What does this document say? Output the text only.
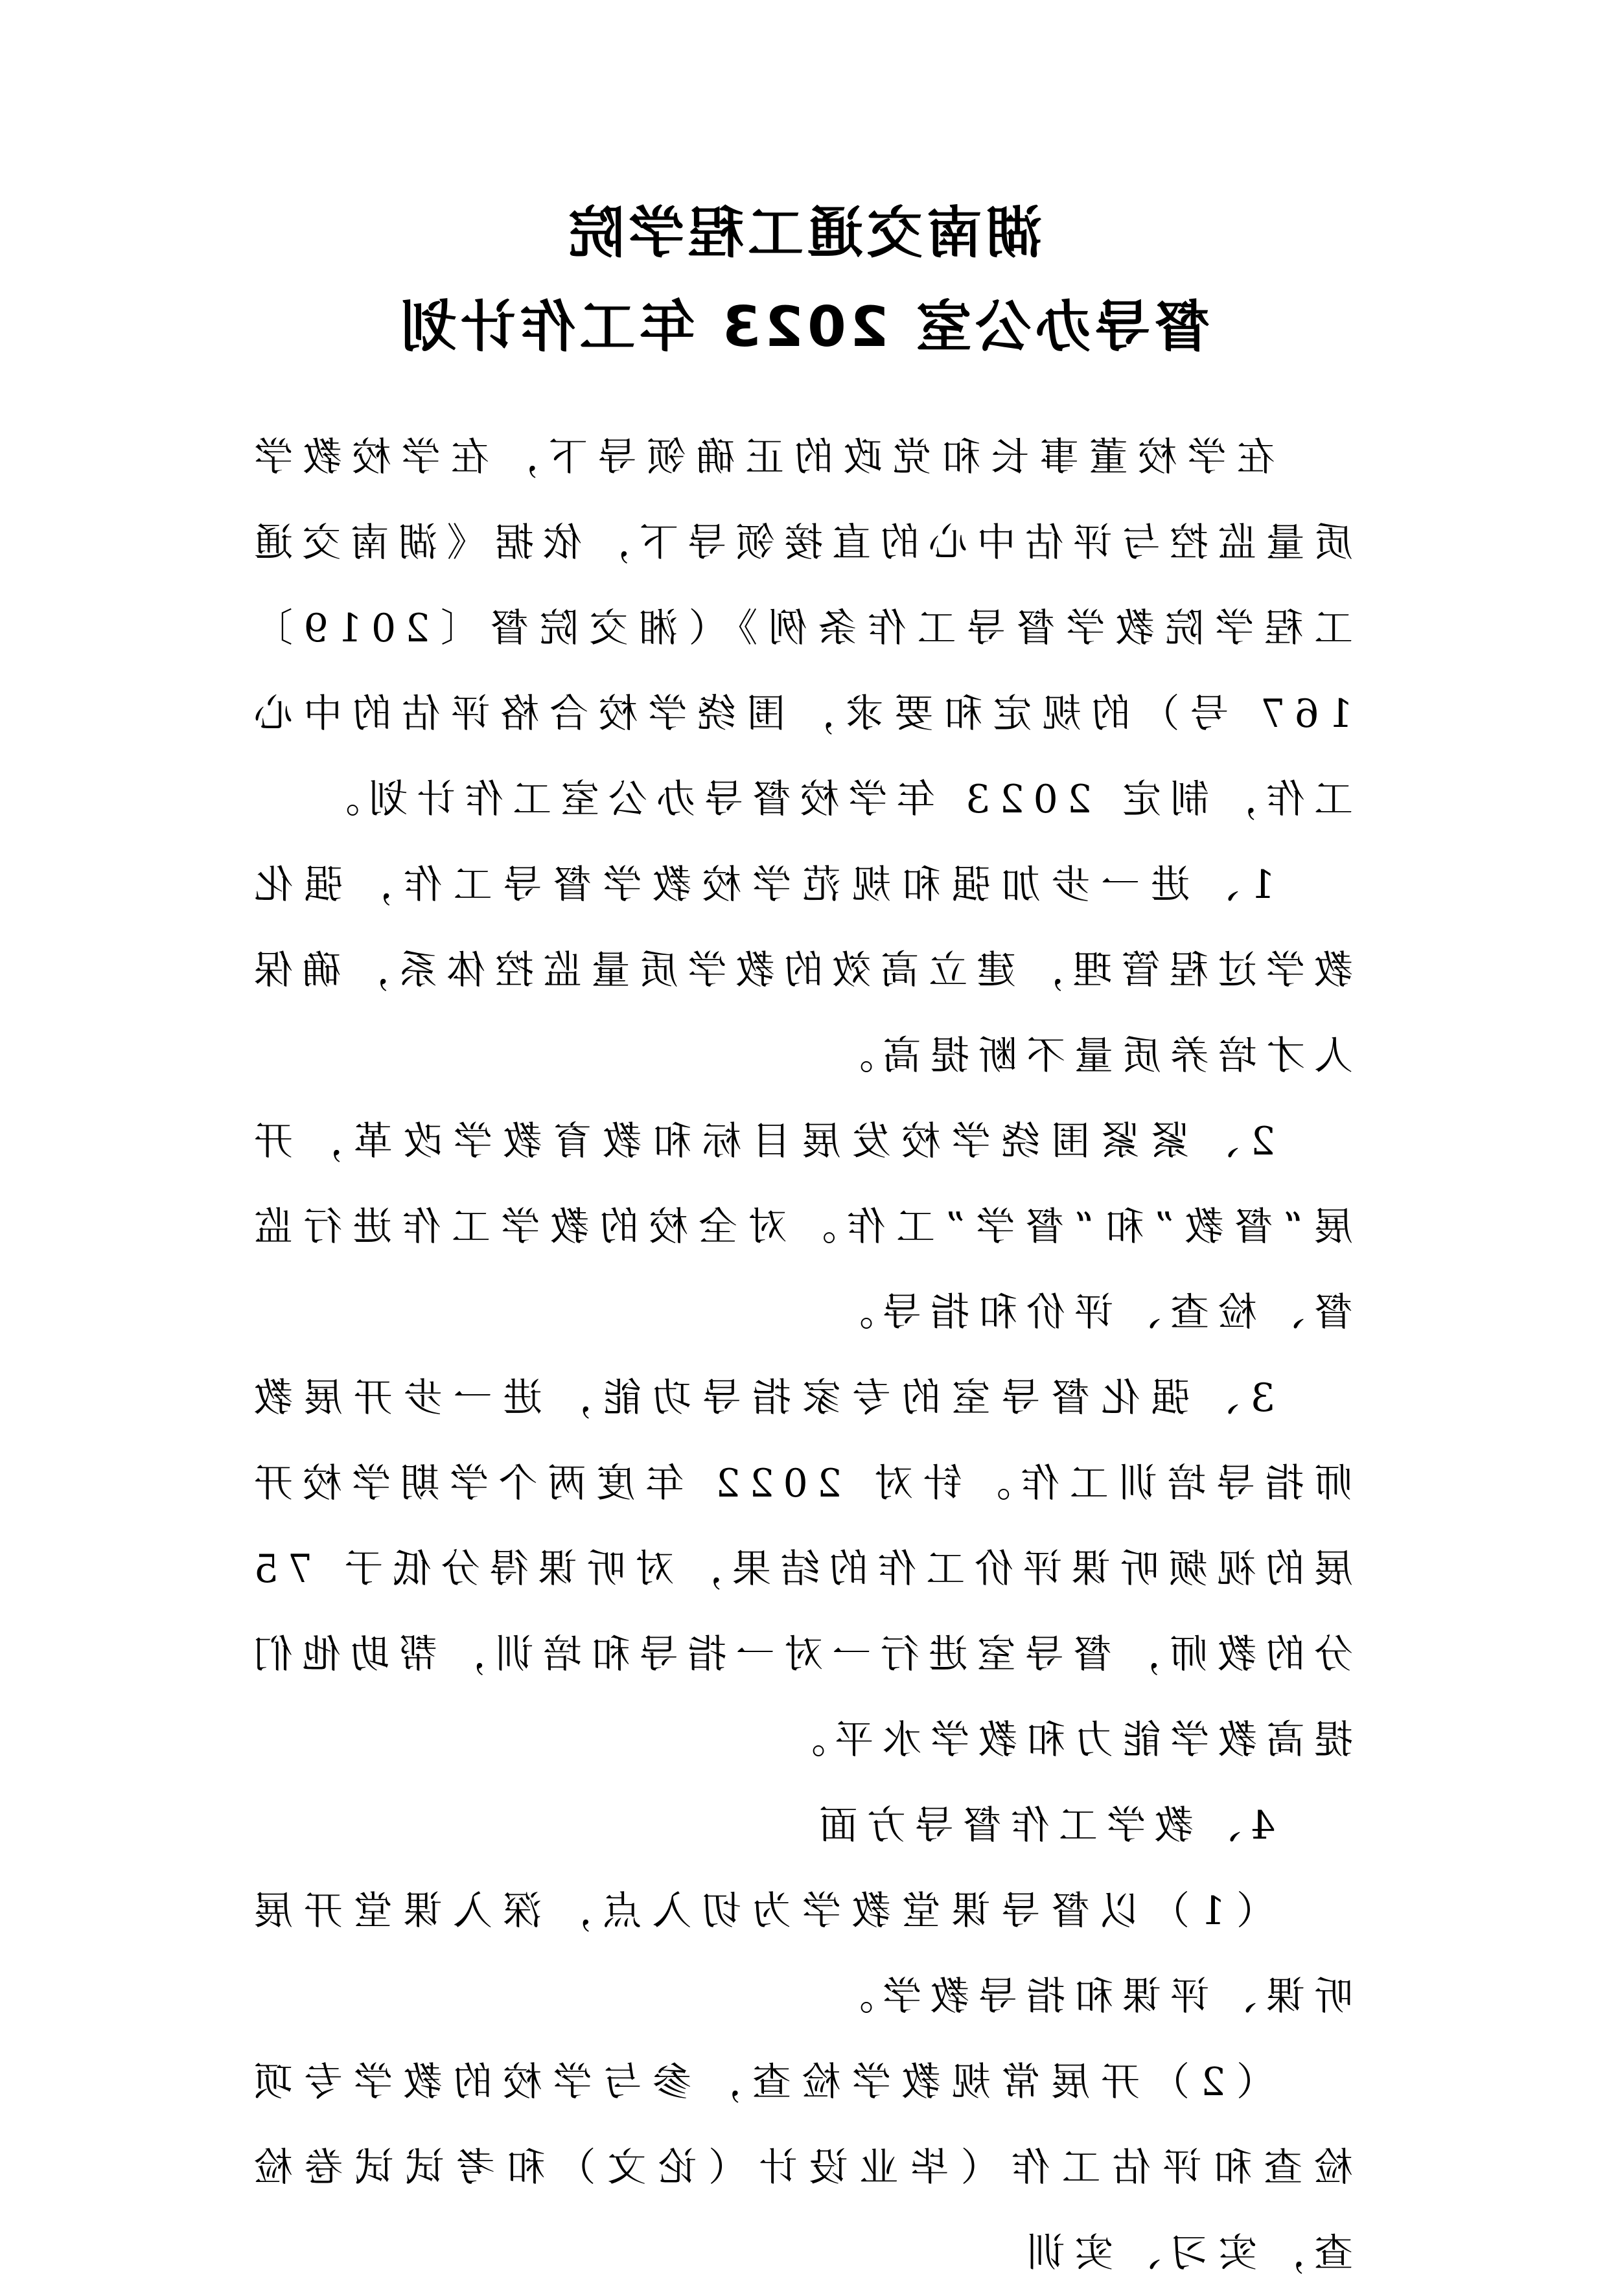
湖南交通工程学院
督导办公室 2023 年工作计划

在学校董事长和党政的正确领导下，在学校教学质量监控与评估中心的直接领导下，依据《湖南交通工程学院教学督导工作条例》（湘交院督〔2019〕167 号）的规定和要求，围绕学校合格评估的中心工作，制定 2023 年学校督导办公室工作计划。

1、进一步加强和规范学校教学督导工作，强化教学过程管理，建立高效的教学质量监控体系，确保人才培养质量不断提高。

2、紧紧围绕学校发展目标和教育教学改革，开展“督教”和“督学”工作。对全校的教学工作进行监督、检查、评价和指导。

3、强化督导室的专家指导功能，进一步开展教师指导培训工作。针对 2022 年度两个学期学校开展的视频听课评价工作的结果，对听课得分低于 75 分的教师，督导室进行一对一指导和培训，帮助他们提高教学能力和教学水平。

4、教学工作督导方面

（1）以督导课堂教学为切入点，深入课堂开展听课、评课和指导教学。

（2）开展常规教学检查，参与学校的教学专项检查和评估工作（毕业设计（论文）和考试试卷检查，实习、实训
